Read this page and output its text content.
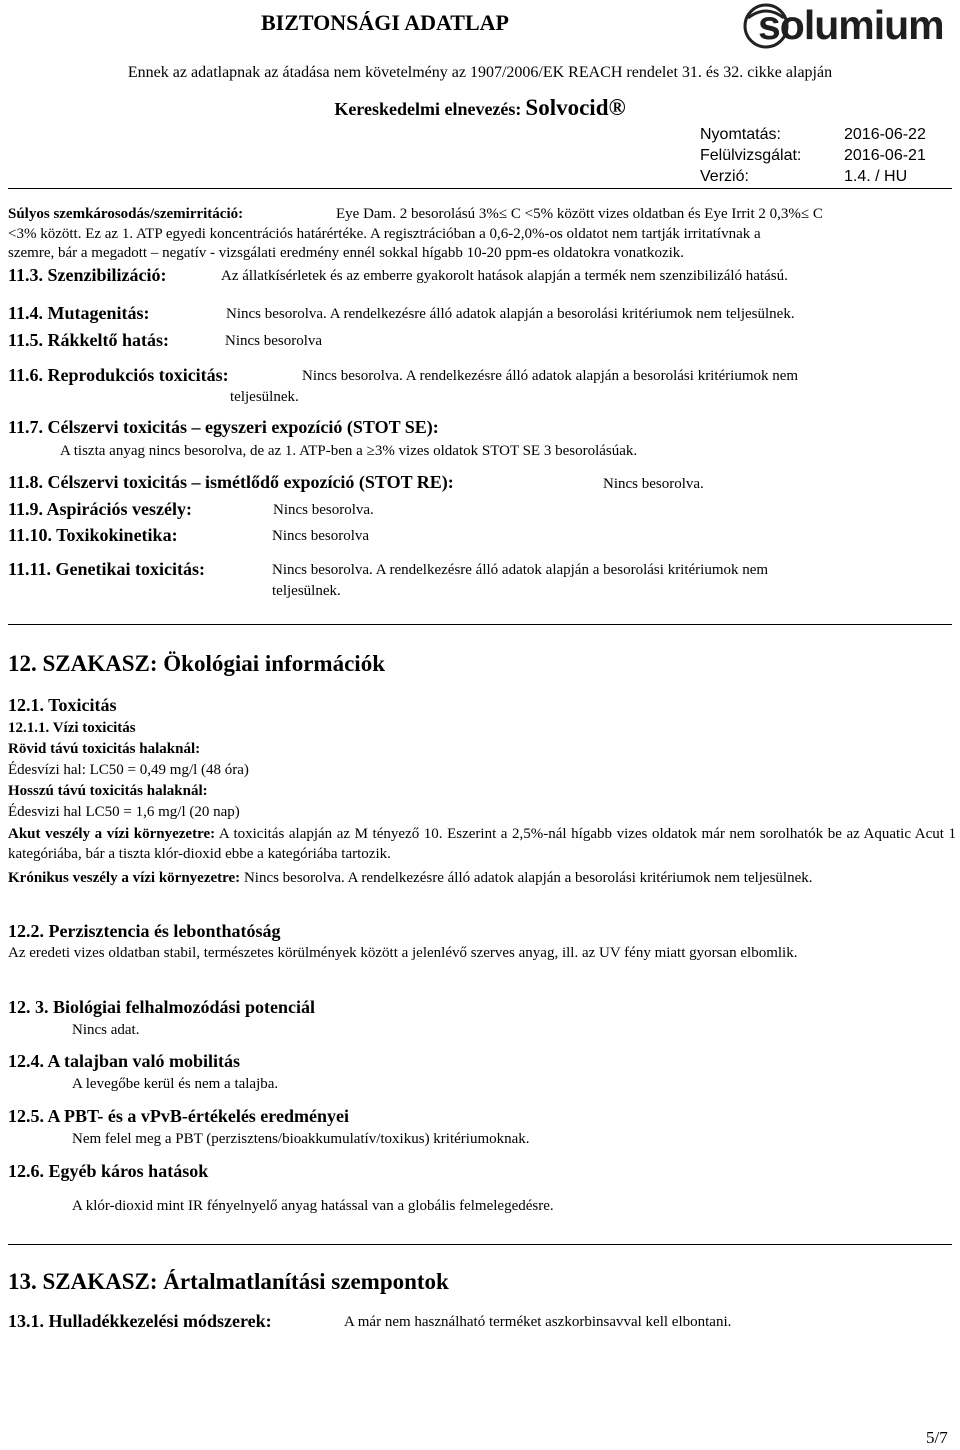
BIZTONSÁGI ADATLAP	solumium
Ennek az adatlapnak az átadása nem követelmény az 1907/2006/EK REACH rendelet 31. és 32. cikke alapján
Kereskedelmi elnevezés: Solvocid®
Nyomtatás:	2016-06-22
Felülvizsgálat:	2016-06-21
Verzió:	1.4. / HU
Súlyos szemkárosodás/szemirritáció:	Eye Dam. 2 besorolású 3%≤ C <5% között vizes oldatban és Eye Irrit 2 0,3%≤ C
<3% között. Ez az 1. ATP egyedi koncentrációs határértéke. A regisztrációban a 0,6-2,0%-os oldatot nem tartják irritatívnak a
szemre, bár a megadott – negatív - vizsgálati eredmény ennél sokkal hígabb 10-20 ppm-es oldatokra vonatkozik.
11.3. Szenzibilizáció:	Az állatkísérletek és az emberre gyakorolt hatások alapján a termék nem szenzibilizáló hatású.
11.4. Mutagenitás:	Nincs besorolva. A rendelkezésre álló adatok alapján a besorolási kritériumok nem teljesülnek.
11.5. Rákkeltő hatás:	Nincs besorolva
11.6. Reprodukciós toxicitás:	Nincs besorolva. A rendelkezésre álló adatok alapján a besorolási kritériumok nem
teljesülnek.
11.7. Célszervi toxicitás – egyszeri expozíció (STOT SE):
A tiszta anyag nincs besorolva, de az 1. ATP-ben a ≥3% vizes oldatok STOT SE 3 besorolásúak.
11.8. Célszervi toxicitás – ismétlődő expozíció (STOT RE):	Nincs besorolva.
11.9. Aspirációs veszély:	Nincs besorolva.
11.10. Toxikokinetika:	Nincs besorolva
11.11. Genetikai toxicitás:	Nincs besorolva. A rendelkezésre álló adatok alapján a besorolási kritériumok nem
teljesülnek.
12. SZAKASZ: Ökológiai információk
12.1. Toxicitás
12.1.1. Vízi toxicitás
Rövid távú toxicitás halaknál:
Édesvízi hal: LC50 = 0,49 mg/l (48 óra)
Hosszú távú toxicitás halaknál:
Édesvizi hal LC50 = 1,6 mg/l (20 nap)
Akut veszély a vízi környezetre: A toxicitás alapján az M tényező 10. Eszerint a 2,5%-nál hígabb vizes oldatok már nem sorolhatók be az Aquatic Acut 1 kategóriába, bár a tiszta klór-dioxid ebbe a kategóriába tartozik.
Krónikus veszély a vízi környezetre: Nincs besorolva. A rendelkezésre álló adatok alapján a besorolási kritériumok nem teljesülnek.
12.2. Perzisztencia és lebonthatóság
Az eredeti vizes oldatban stabil, természetes körülmények között a jelenlévő szerves anyag, ill. az UV fény miatt gyorsan elbomlik.
12. 3. Biológiai felhalmozódási potenciál
Nincs adat.
12.4. A talajban való mobilitás
A levegőbe kerül és nem a talajba.
12.5. A PBT- és a vPvB-értékelés eredményei
Nem felel meg a PBT (perzisztens/bioakkumulatív/toxikus) kritériumoknak.
12.6. Egyéb káros hatások
A klór-dioxid mint IR fényelnyelő anyag hatással van a globális felmelegedésre.
13. SZAKASZ: Ártalmatlanítási szempontok
13.1. Hulladékkezelési módszerek:	A már nem használható terméket aszkorbinsavval kell elbontani.
5/7
